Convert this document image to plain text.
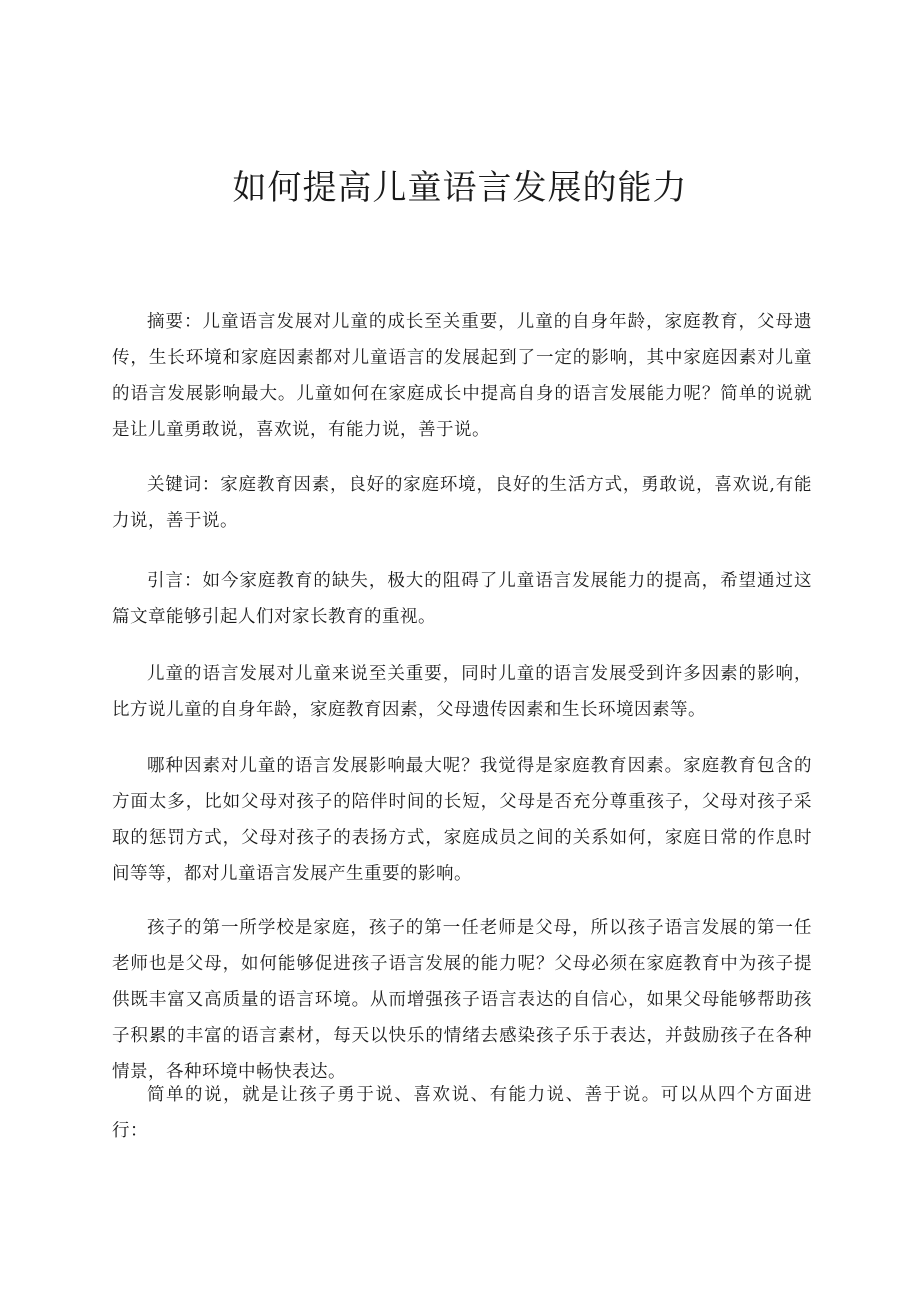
如何提高儿童语言发展的能力

摘要：儿童语言发展对儿童的成长至关重要，儿童的自身年龄，家庭教育，父母遗传，生长环境和家庭因素都对儿童语言的发展起到了一定的影响，其中家庭因素对儿童的语言发展影响最大。儿童如何在家庭成长中提高自身的语言发展能力呢？简单的说就是让儿童勇敢说，喜欢说，有能力说，善于说。

关键词：家庭教育因素，良好的家庭环境，良好的生活方式，勇敢说，喜欢说,有能力说，善于说。

引言：如今家庭教育的缺失，极大的阻碍了儿童语言发展能力的提高，希望通过这篇文章能够引起人们对家长教育的重视。

儿童的语言发展对儿童来说至关重要，同时儿童的语言发展受到许多因素的影响，比方说儿童的自身年龄，家庭教育因素，父母遗传因素和生长环境因素等。

哪种因素对儿童的语言发展影响最大呢？我觉得是家庭教育因素。家庭教育包含的方面太多，比如父母对孩子的陪伴时间的长短，父母是否充分尊重孩子，父母对孩子采取的惩罚方式，父母对孩子的表扬方式，家庭成员之间的关系如何，家庭日常的作息时间等等，都对儿童语言发展产生重要的影响。

孩子的第一所学校是家庭，孩子的第一任老师是父母，所以孩子语言发展的第一任老师也是父母，如何能够促进孩子语言发展的能力呢？父母必须在家庭教育中为孩子提供既丰富又高质量的语言环境。从而增强孩子语言表达的自信心，如果父母能够帮助孩子积累的丰富的语言素材，每天以快乐的情绪去感染孩子乐于表达，并鼓励孩子在各种情景，各种环境中畅快表达。

简单的说，就是让孩子勇于说、喜欢说、有能力说、善于说。可以从四个方面进行：
